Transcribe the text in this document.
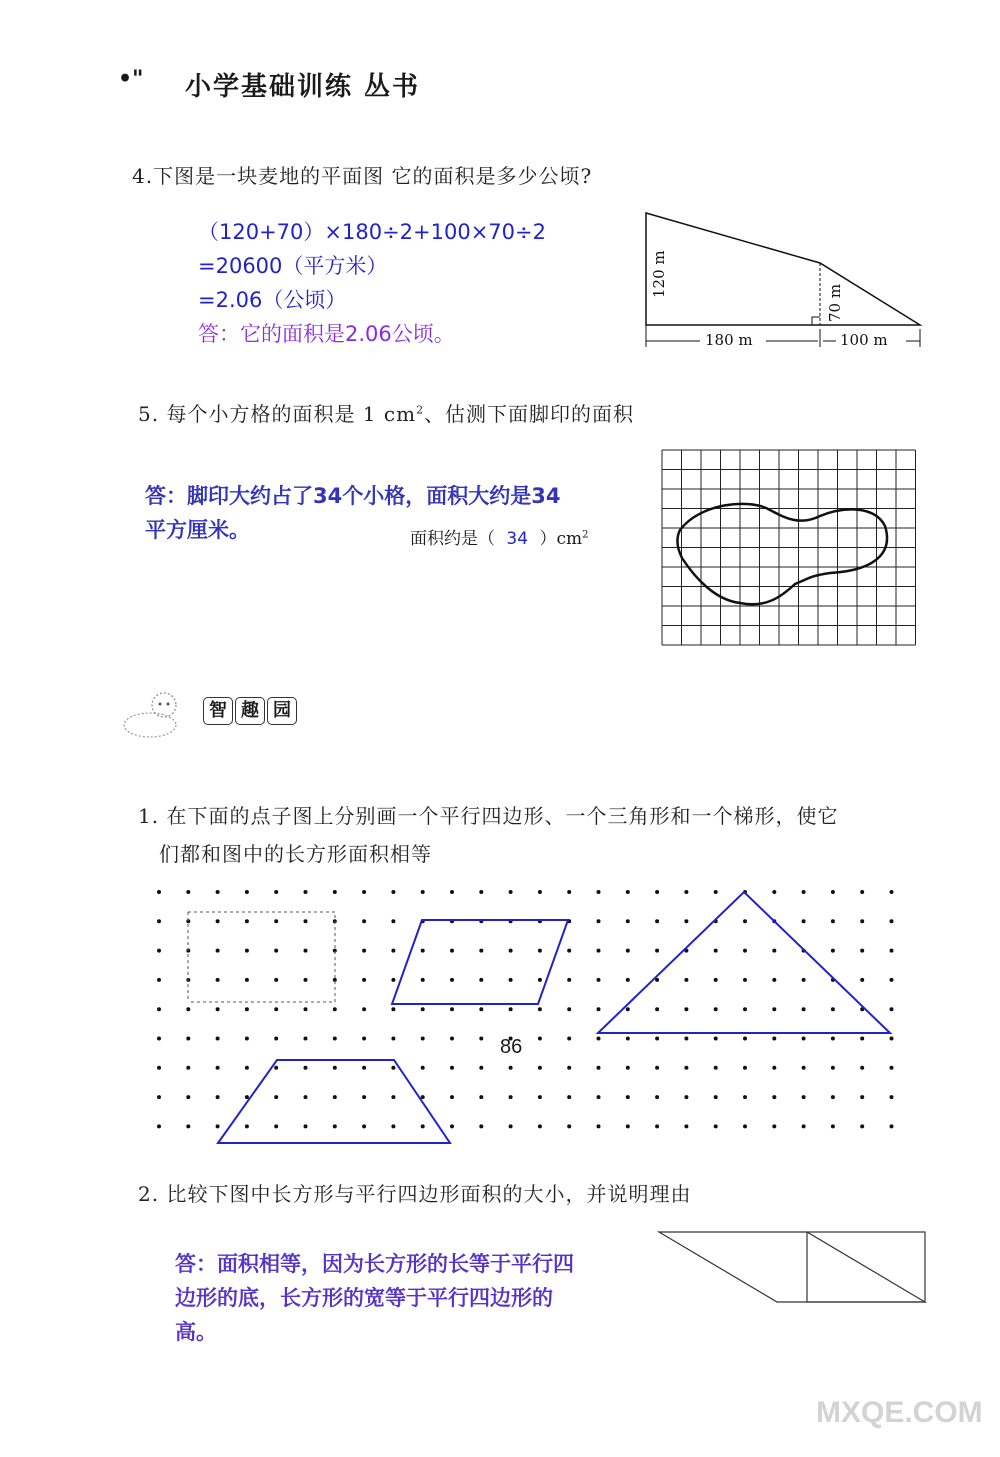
•" 小学基础训练 丛书
4.下图是一块麦地的平面图 它的面积是多少公顷?
（120+70）×180÷2+100×70÷2
=20600（平方米）
=2.06（公顷）
答：它的面积是2.06公顷。
120 m
70 m
180 m	100 m
5. 每个小方格的面积是 1 $cm^2$、估测下面脚印的面积
答：脚印大约占了34个小格，面积大约是34
平方厘米。	面积约是（ 34 ）$cm^2$
智 趣 园
1. 在下面的点子图上分别画一个平行四边形、一个三角形和一个梯形，使它
们都和图中的长方形面积相等
2. 比较下图中长方形与平行四边形面积的大小，并说明理由
答：面积相等，因为长方形的长等于平行四
边形的底，长方形的宽等于平行四边形的
高。
86
MXQE.COM
